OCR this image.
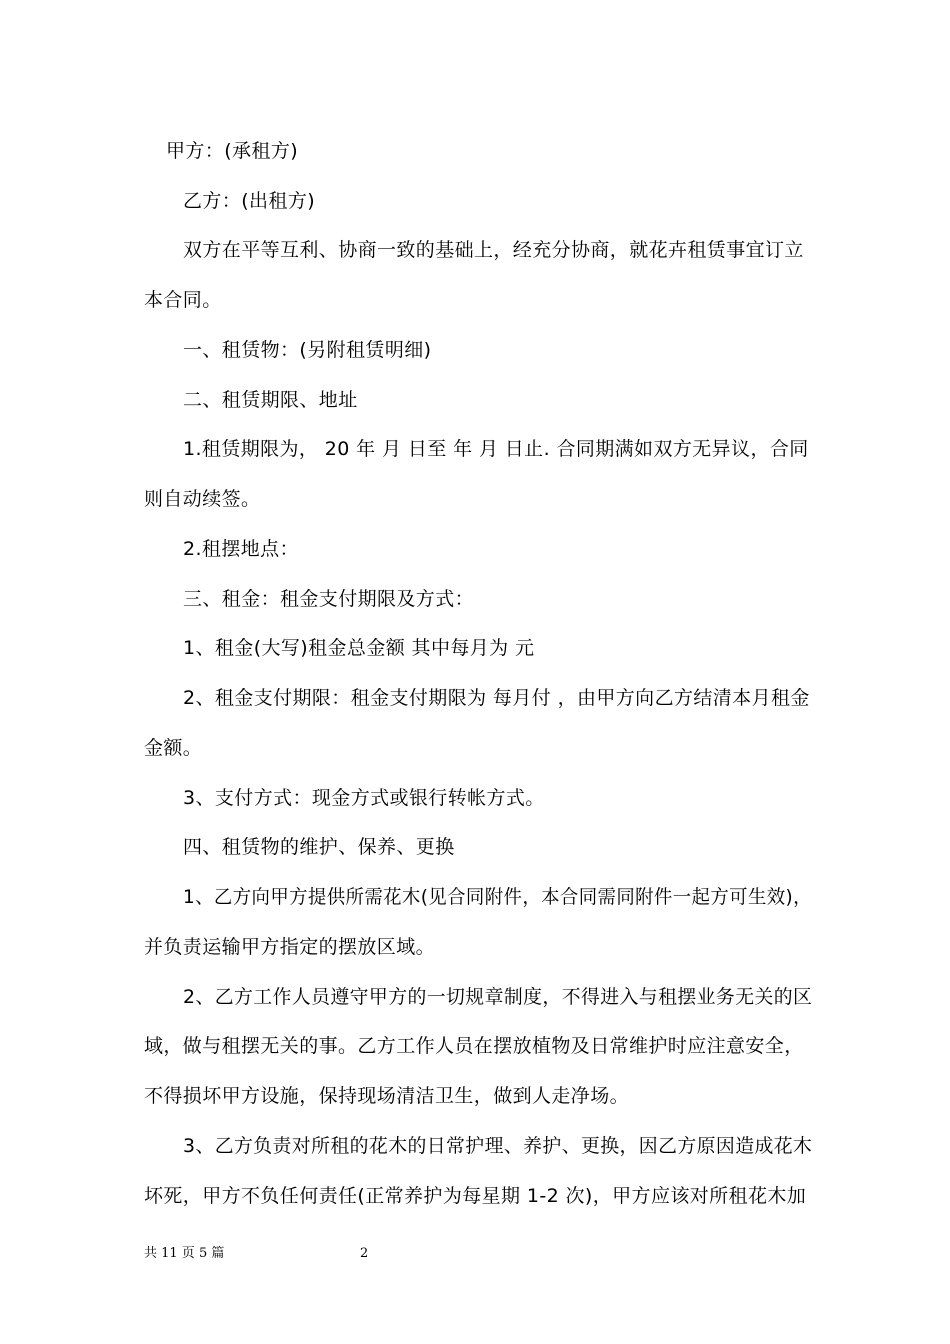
甲方：(承租方)

乙方：(出租方)

双方在平等互利、协商一致的基础上，经充分协商，就花卉租赁事宜订立

本合同。

一、租赁物：(另附租赁明细)

二、租赁期限、地址

1.租赁期限为， 20 年 月 日至 年 月 日止. 合同期满如双方无异议，合同

则自动续签。

2.租摆地点：

三、租金：租金支付期限及方式：

1、租金(大写)租金总金额 其中每月为 元

2、租金支付期限：租金支付期限为 每月付 ，由甲方向乙方结清本月租金

金额。

3、支付方式：现金方式或银行转帐方式。

四、租赁物的维护、保养、更换

1、乙方向甲方提供所需花木(见合同附件，本合同需同附件一起方可生效)，

并负责运输甲方指定的摆放区域。

2、乙方工作人员遵守甲方的一切规章制度，不得进入与租摆业务无关的区

域，做与租摆无关的事。乙方工作人员在摆放植物及日常维护时应注意安全，

不得损坏甲方设施，保持现场清洁卫生，做到人走净场。

3、乙方负责对所租的花木的日常护理、养护、更换，因乙方原因造成花木

坏死，甲方不负任何责任(正常养护为每星期 1-2 次)，甲方应该对所租花木加

共 11 页 5 篇	2
